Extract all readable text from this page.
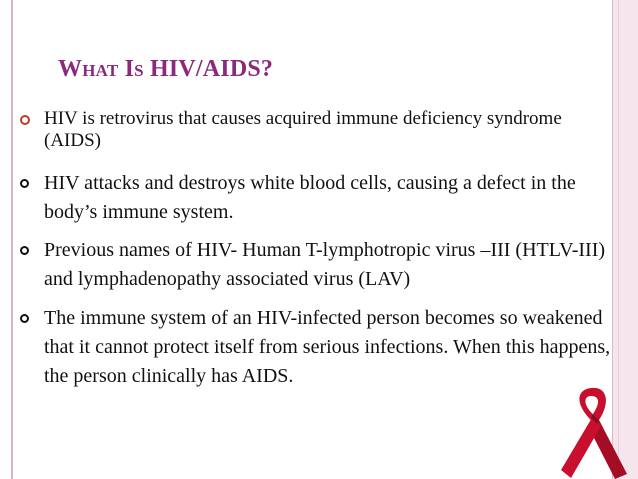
What Is HIV/AIDS?
HIV is retrovirus that causes acquired immune deficiency syndrome (AIDS)
HIV attacks and destroys white blood cells, causing a defect in the body’s immune system.
Previous names of HIV- Human T-lymphotropic virus –III (HTLV-III) and lymphadenopathy associated virus (LAV)
The immune system of an HIV-infected person becomes so weakened that it cannot protect itself from serious infections. When this happens, the person clinically has AIDS.
